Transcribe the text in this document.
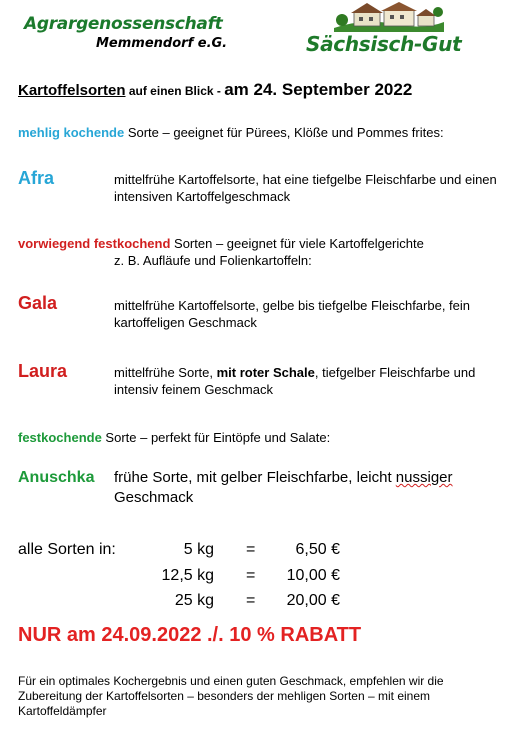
Agrargenossenschaft
Memmendorf e.G.	Sächsisch-Gut
Kartoffelsorten auf einen Blick - am 24. September 2022
mehlig kochende Sorte – geeignet für Pürees, Klöße und Pommes frites:
Afra	mittelfrühe Kartoffelsorte, hat eine tiefgelbe Fleischfarbe und einen intensiven Kartoffelgeschmack
vorwiegend festkochend Sorten – geeignet für viele Kartoffelgerichte
z. B. Aufläufe und Folienkartoffeln:
Gala	mittelfrühe Kartoffelsorte, gelbe bis tiefgelbe Fleischfarbe, fein kartoffeligen Geschmack
Laura	mittelfrühe Sorte, mit roter Schale, tiefgelber Fleischfarbe und intensiv feinem Geschmack
festkochende Sorte – perfekt für Eintöpfe und Salate:
Anuschka frühe Sorte, mit gelber Fleischfarbe, leicht nussiger Geschmack
alle Sorten in:	5 kg =	6,50 €
12,5 kg =	10,00 €
25 kg =	20,00 €
NUR am 24.09.2022 ./. 10 % RABATT
Für ein optimales Kochergebnis und einen guten Geschmack, empfehlen wir die Zubereitung der Kartoffelsorten – besonders der mehligen Sorten – mit einem Kartoffeldämpfer
